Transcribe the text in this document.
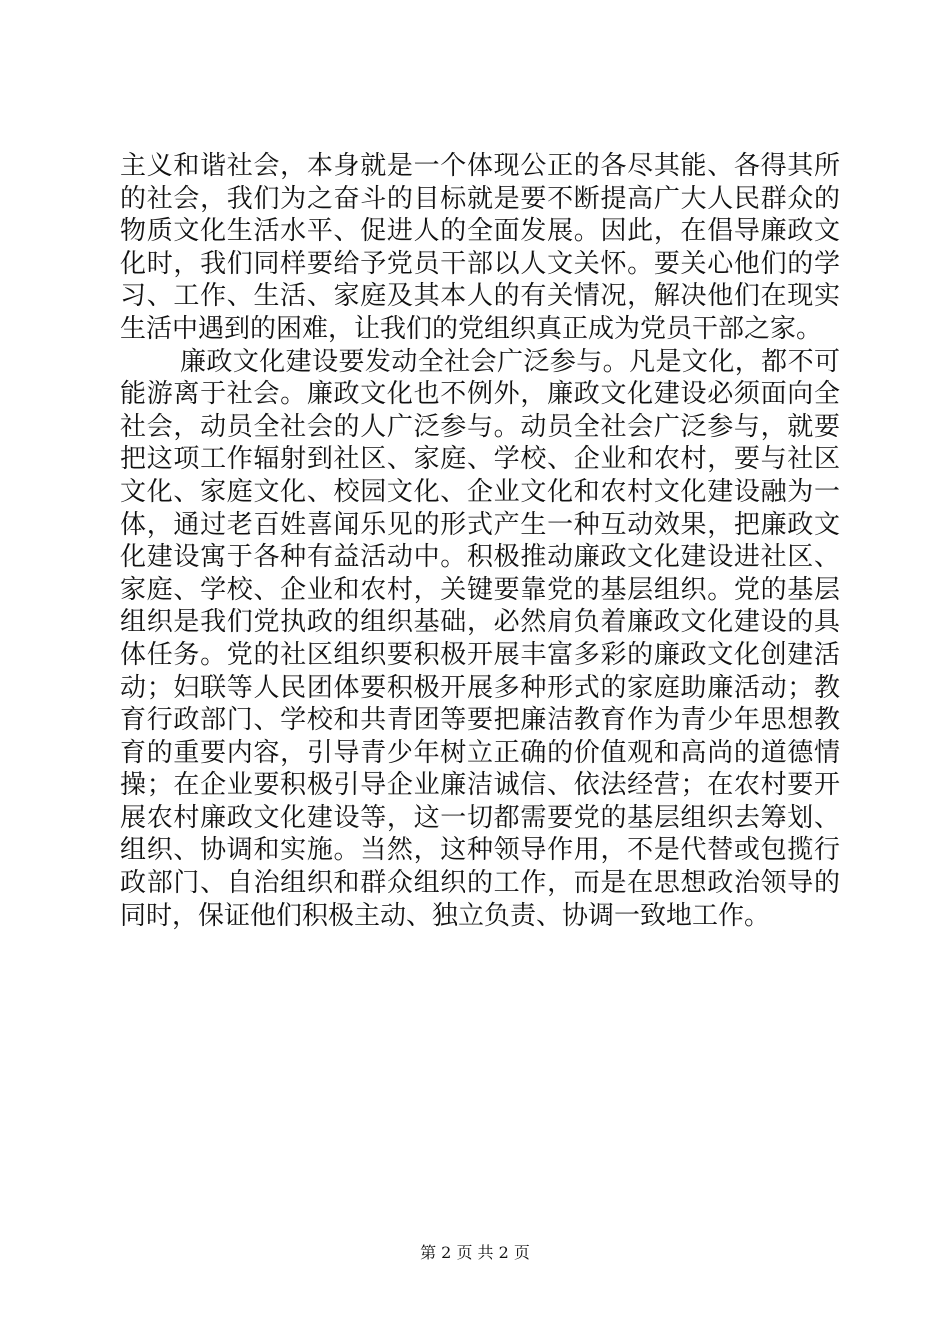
主义和谐社会，本身就是一个体现公正的各尽其能、各得其所
的社会，我们为之奋斗的目标就是要不断提高广大人民群众的
物质文化生活水平、促进人的全面发展。因此，在倡导廉政文
化时，我们同样要给予党员干部以人文关怀。要关心他们的学
习、工作、生活、家庭及其本人的有关情况，解决他们在现实
生活中遇到的困难，让我们的党组织真正成为党员干部之家。
廉政文化建设要发动全社会广泛参与。凡是文化，都不可
能游离于社会。廉政文化也不例外，廉政文化建设必须面向全
社会，动员全社会的人广泛参与。动员全社会广泛参与，就要
把这项工作辐射到社区、家庭、学校、企业和农村，要与社区
文化、家庭文化、校园文化、企业文化和农村文化建设融为一
体，通过老百姓喜闻乐见的形式产生一种互动效果，把廉政文
化建设寓于各种有益活动中。积极推动廉政文化建设进社区、
家庭、学校、企业和农村，关键要靠党的基层组织。党的基层
组织是我们党执政的组织基础，必然肩负着廉政文化建设的具
体任务。党的社区组织要积极开展丰富多彩的廉政文化创建活
动；妇联等人民团体要积极开展多种形式的家庭助廉活动；教
育行政部门、学校和共青团等要把廉洁教育作为青少年思想教
育的重要内容，引导青少年树立正确的价值观和高尚的道德情
操；在企业要积极引导企业廉洁诚信、依法经营；在农村要开
展农村廉政文化建设等，这一切都需要党的基层组织去筹划、
组织、协调和实施。当然，这种领导作用，不是代替或包揽行
政部门、自治组织和群众组织的工作，而是在思想政治领导的
同时，保证他们积极主动、独立负责、协调一致地工作。
第 2 页 共 2 页
